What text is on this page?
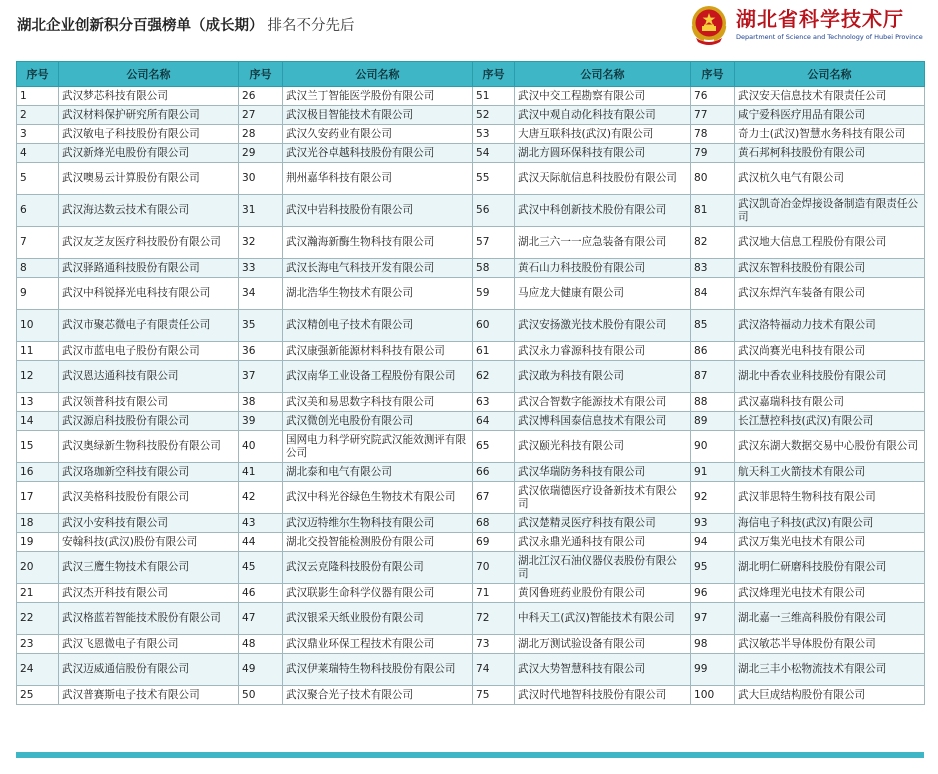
湖北企业创新积分百强榜单（成长期） 排名不分先后	湖北省科学技术厅
Department of Science and Technology of Hubei Province
序号	公司名称	序号	公司名称	序号	公司名称	序号	公司名称
1	武汉梦芯科技有限公司	26	武汉兰丁智能医学股份有限公司	51	武汉中交工程勘察有限公司	76	武汉安天信息技术有限责任公司
2	武汉材料保护研究所有限公司	27	武汉极目智能技术有限公司	52	武汉中观自动化科技有限公司	77	咸宁爱科医疗用品有限公司
3	武汉敏电子科技股份有限公司	28	武汉久安药业有限公司	53	大唐互联科技(武汉)有限公司	78	奇力士(武汉)智慧水务科技有限公司
4	武汉新烽光电股份有限公司	29	武汉光谷卓越科技股份有限公司	54	湖北方圆环保科技有限公司	79	黄石邦柯科技股份有限公司
5	武汉噢易云计算股份有限公司	30	荆州嘉华科技有限公司	55	武汉天际航信息科技股份有限公司	80	武汉杭久电气有限公司
6	武汉海达数云技术有限公司	31	武汉中岩科技股份有限公司	56	武汉中科创新技术股份有限公司	81	武汉凯奇冶金焊接设备制造有限责任公司
7	武汉友芝友医疗科技股份有限公司	32	武汉瀚海新酶生物科技有限公司	57	湖北三六一一应急装备有限公司	82	武汉地大信息工程股份有限公司
8	武汉驿路通科技股份有限公司	33	武汉长海电气科技开发有限公司	58	黄石山力科技股份有限公司	83	武汉东智科技股份有限公司
9	武汉中科锐择光电科技有限公司	34	湖北浩华生物技术有限公司	59	马应龙大健康有限公司	84	武汉东焊汽车装备有限公司
10	武汉市聚芯微电子有限责任公司	35	武汉精创电子技术有限公司	60	武汉安扬激光技术股份有限公司	85	武汉洛特福动力技术有限公司
11	武汉市蓝电电子股份有限公司	36	武汉康强新能源材料科技有限公司	61	武汉永力睿源科技有限公司	86	武汉尚赛光电科技有限公司
12	武汉恩达通科技有限公司	37	武汉南华工业设备工程股份有限公司	62	武汉敢为科技有限公司	87	湖北中香农业科技股份有限公司
13	武汉领普科技有限公司	38	武汉美和易思数字科技有限公司	63	武汉合智数字能源技术有限公司	88	武汉嘉瑞科技有限公司
14	武汉源启科技股份有限公司	39	武汉微创光电股份有限公司	64	武汉博科国泰信息技术有限公司	89	长江慧控科技(武汉)有限公司
15	武汉奥绿新生物科技股份有限公司	40	国网电力科学研究院武汉能效测评有限公司	65	武汉颐光科技有限公司	90	武汉东湖大数据交易中心股份有限公司
16	武汉珞珈新空科技有限公司	41	湖北泰和电气有限公司	66	武汉华瑞防务科技有限公司	91	航天科工火箭技术有限公司
17	武汉美格科技股份有限公司	42	武汉中科光谷绿色生物技术有限公司	67	武汉依瑞德医疗设备新技术有限公司	92	武汉菲思特生物科技有限公司
18	武汉小安科技有限公司	43	武汉迈特维尔生物科技有限公司	68	武汉楚精灵医疗科技有限公司	93	海信电子科技(武汉)有限公司
19	安翰科技(武汉)股份有限公司	44	湖北交投智能检测股份有限公司	69	武汉永鼎光通科技有限公司	94	武汉万集光电技术有限公司
20	武汉三鹰生物技术有限公司	45	武汉云克隆科技股份有限公司	70	湖北江汉石油仪器仪表股份有限公司	95	湖北明仁研磨科技股份有限公司
21	武汉杰开科技有限公司	46	武汉联影生命科学仪器有限公司	71	黄冈鲁班药业股份有限公司	96	武汉烽理光电技术有限公司
22	武汉格蓝若智能技术股份有限公司	47	武汉银采天纸业股份有限公司	72	中科天工(武汉)智能技术有限公司	97	湖北嘉一三维高科股份有限公司
23	武汉飞恩微电子有限公司	48	武汉鼎业环保工程技术有限公司	73	湖北万测试验设备有限公司	98	武汉敏芯半导体股份有限公司
24	武汉迈威通信股份有限公司	49	武汉伊莱瑞特生物科技股份有限公司	74	武汉大势智慧科技有限公司	99	湖北三丰小松物流技术有限公司
25	武汉普赛斯电子技术有限公司	50	武汉聚合光子技术有限公司	75	武汉时代地智科技股份有限公司	100	武大巨成结构股份有限公司
